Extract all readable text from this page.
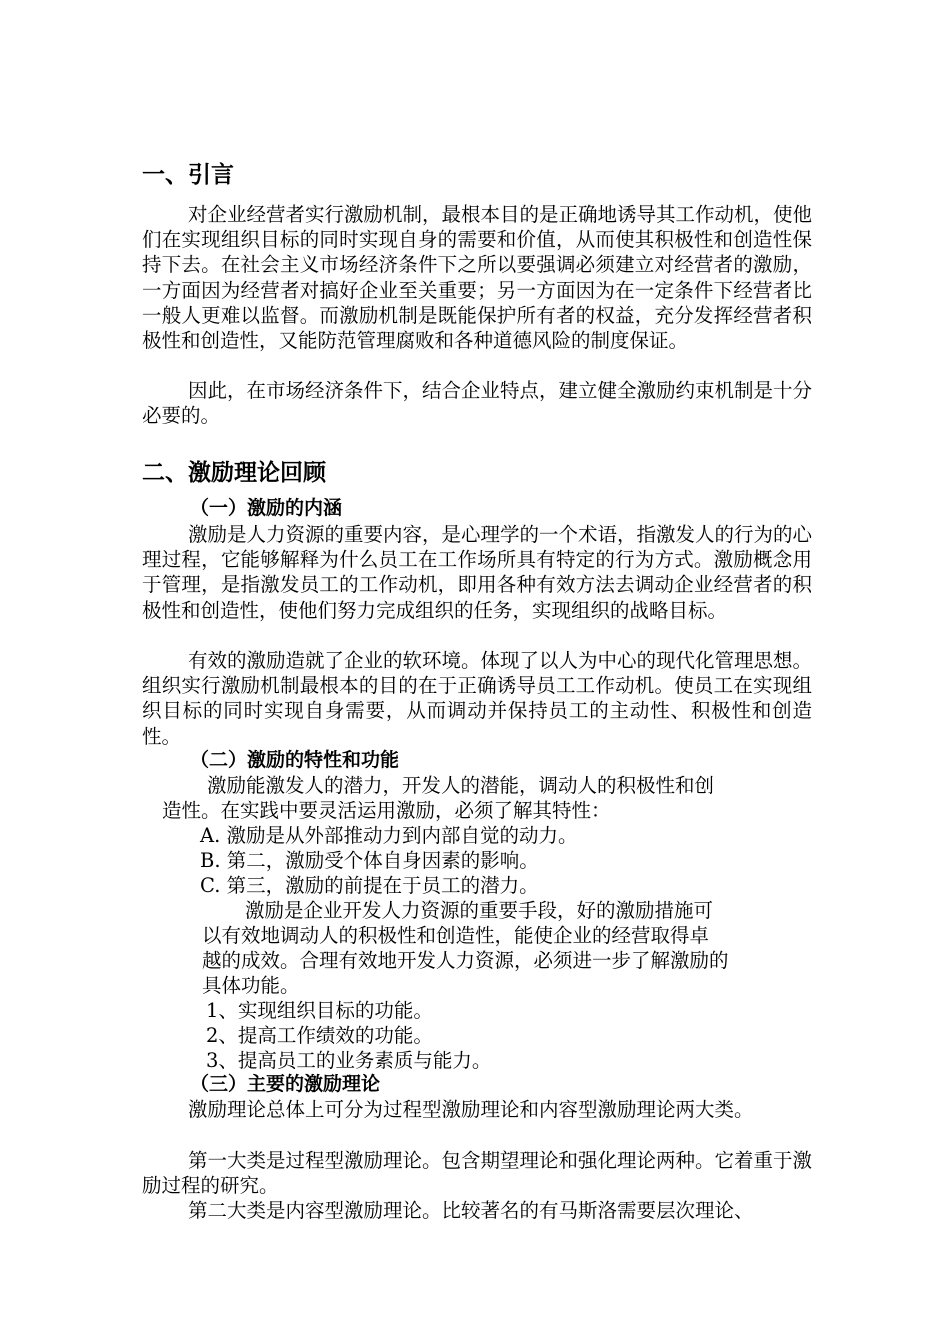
一、引言
对企业经营者实行激励机制，最根本目的是正确地诱导其工作动机，使他们在实现组织目标的同时实现自身的需要和价值，从而使其积极性和创造性保持下去。在社会主义市场经济条件下之所以要强调必须建立对经营者的激励，一方面因为经营者对搞好企业至关重要；另一方面因为在一定条件下经营者比一般人更难以监督。而激励机制是既能保护所有者的权益，充分发挥经营者积极性和创造性，又能防范管理腐败和各种道德风险的制度保证。
因此，在市场经济条件下，结合企业特点，建立健全激励约束机制是十分必要的。
二、激励理论回顾
（一）激励的内涵
激励是人力资源的重要内容，是心理学的一个术语，指激发人的行为的心理过程，它能够解释为什么员工在工作场所具有特定的行为方式。激励概念用于管理，是指激发员工的工作动机，即用各种有效方法去调动企业经营者的积极性和创造性，使他们努力完成组织的任务，实现组织的战略目标。
有效的激励造就了企业的软环境。体现了以人为中心的现代化管理思想。组织实行激励机制最根本的目的在于正确诱导员工工作动机。使员工在实现组织目标的同时实现自身需要，从而调动并保持员工的主动性、积极性和创造性。
（二）激励的特性和功能
激励能激发人的潜力，开发人的潜能，调动人的积极性和创
造性。在实践中要灵活运用激励，必须了解其特性：
A. 激励是从外部推动力到内部自觉的动力。
B. 第二，激励受个体自身因素的影响。
C. 第三，激励的前提在于员工的潜力。
激励是企业开发人力资源的重要手段，好的激励措施可
以有效地调动人的积极性和创造性，能使企业的经营取得卓
越的成效。合理有效地开发人力资源，必须进一步了解激励的
具体功能。
1、实现组织目标的功能。
2、提高工作绩效的功能。
3、提高员工的业务素质与能力。
（三）主要的激励理论
激励理论总体上可分为过程型激励理论和内容型激励理论两大类。
第一大类是过程型激励理论。包含期望理论和强化理论两种。它着重于激励过程的研究。
第二大类是内容型激励理论。比较著名的有马斯洛需要层次理论、
